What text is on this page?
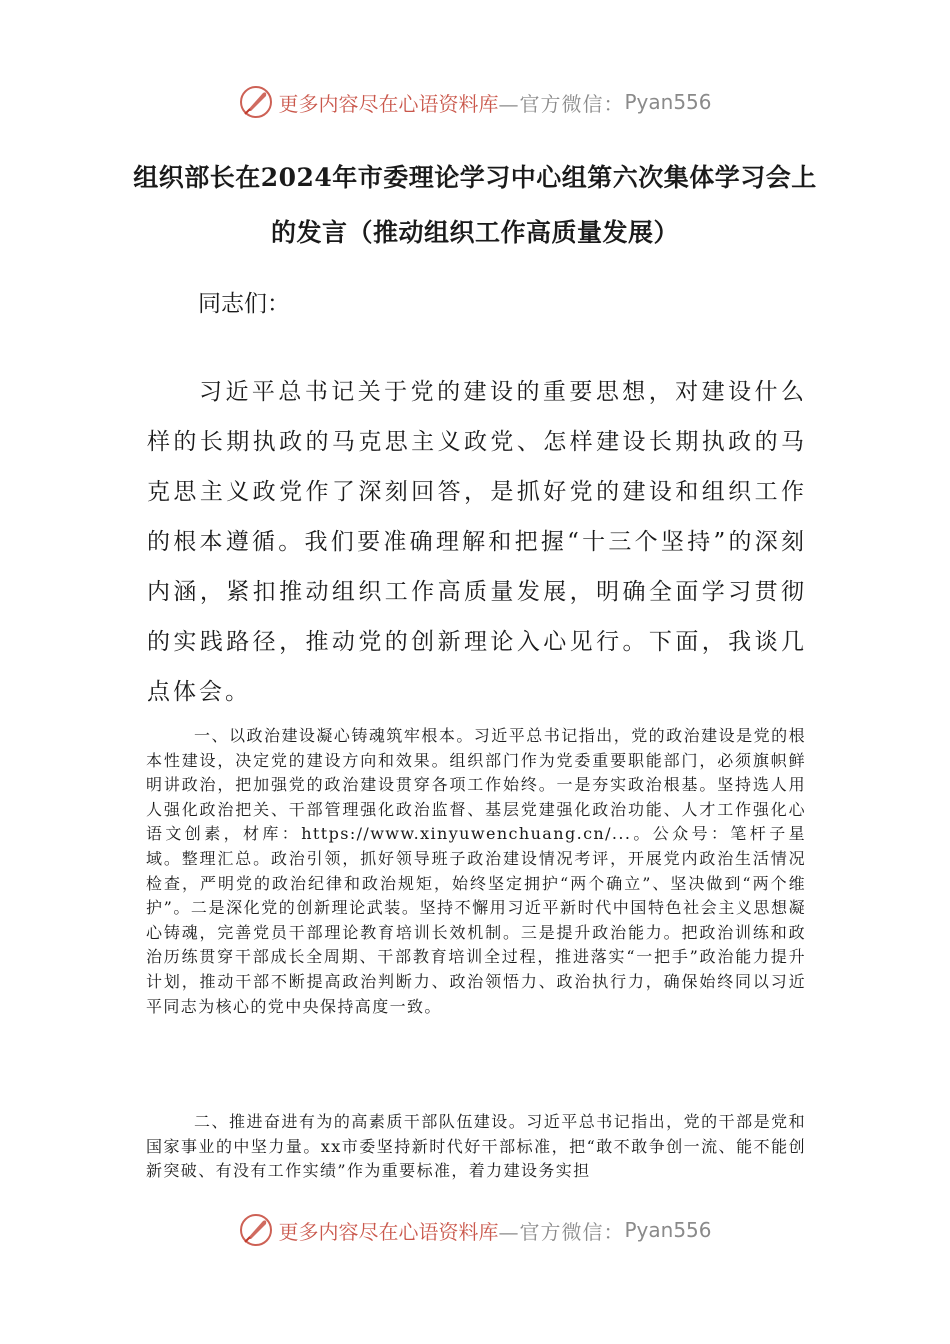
更多内容尽在心语资料库 —官方微信： Pyan556
组织部长在2024年市委理论学习中心组第六次集体学习会上的发言（推动组织工作高质量发展）

同志们：

习近平总书记关于党的建设的重要思想，对建设什么样的长期执政的马克思主义政党、怎样建设长期执政的马克思主义政党作了深刻回答，是抓好党的建设和组织工作的根本遵循。我们要准确理解和把握“十三个坚持”的深刻内涵，紧扣推动组织工作高质量发展，明确全面学习贯彻的实践路径，推动党的创新理论入心见行。下面，我谈几点体会。

一、以政治建设凝心铸魂筑牢根本。习近平总书记指出，党的政治建设是党的根本性建设，决定党的建设方向和效果。组织部门作为党委重要职能部门，必须旗帜鲜明讲政治，把加强党的政治建设贯穿各项工作始终。一是夯实政治根基。坚持选人用人强化政治把关、干部管理强化政治监督、基层党建强化政治功能、人才工作强化心语文创素，材库：https://www.xinyuwenchuang.cn/...。公众号：笔杆子星域。整理汇总。政治引领，抓好领导班子政治建设情况考评，开展党内政治生活情况检查，严明党的政治纪律和政治规矩，始终坚定拥护“两个确立”、坚决做到“两个维护”。二是深化党的创新理论武装。坚持不懈用习近平新时代中国特色社会主义思想凝心铸魂，完善党员干部理论教育培训长效机制。三是提升政治能力。把政治训练和政治历练贯穿干部成长全周期、干部教育培训全过程，推进落实“一把手”政治能力提升计划，推动干部不断提高政治判断力、政治领悟力、政治执行力，确保始终同以习近平同志为核心的党中央保持高度一致。

二、推进奋进有为的高素质干部队伍建设。习近平总书记指出，党的干部是党和国家事业的中坚力量。xx市委坚持新时代好干部标准，把“敢不敢争创一流、能不能创新突破、有没有工作实绩”作为重要标准，着力建设务实担

更多内容尽在心语资料库 —官方微信： Pyan556
